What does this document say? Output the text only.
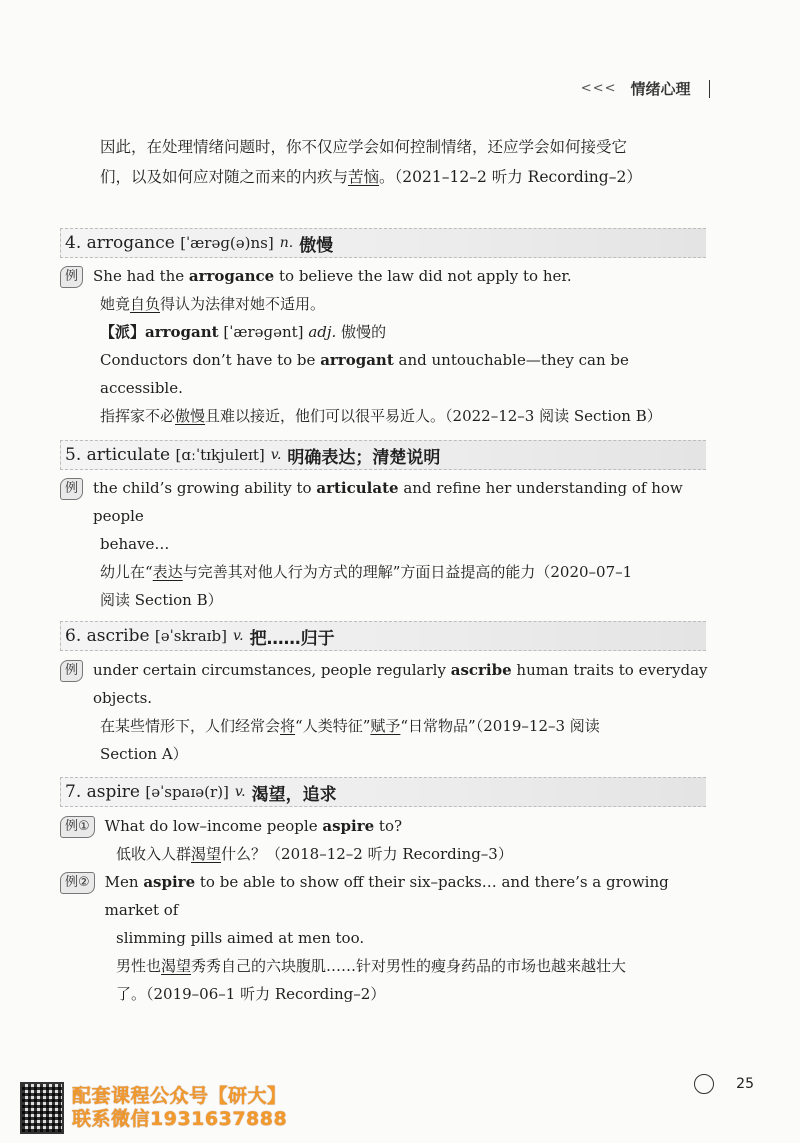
<<< 情绪心理
因此，在处理情绪问题时，你不仅应学会如何控制情绪，还应学会如何接受它
们，以及如何应对随之而来的内疚与苦恼。（2021–12–2 听力 Recording–2）
4. arrogance
[ˈærəɡ(ə)ns] n. 傲慢
例	She had the arrogance to believe the law did not apply to her.
她竟自负得认为法律对她不适用。
【派】arrogant [ˈærəɡənt] adj. 傲慢的
Conductors don’t have to be arrogant and untouchable—they can be accessible.
指挥家不必傲慢且难以接近，他们可以很平易近人。（2022–12–3 阅读 Section B）
5. articulate
[ɑːˈtɪkjuleɪt] v. 明确表达；清楚说明
例	the child’s growing ability to articulate and refine her understanding of how people
behave…
幼儿在“表达与完善其对他人行为方式的理解”方面日益提高的能力（2020–07–1
阅读 Section B）
6. ascribe
[əˈskraɪb] v. 把……归于
例	under certain circumstances, people regularly ascribe human traits to everyday objects.
在某些情形下，人们经常会将“人类特征”赋予“日常物品”（2019–12–3 阅读
Section A）
7. aspire
[əˈspaɪə(r)] v. 渴望，追求
例①	What do low–income people aspire to?
低收入人群渴望什么？（2018–12–2 听力 Recording–3）
例②	Men aspire to be able to show off their six–packs… and there’s a growing market of
slimming pills aimed at men too.
男性也渴望秀秀自己的六块腹肌……针对男性的瘦身药品的市场也越来越壮大
了。（2019–06–1 听力 Recording–2）
25
配套课程公众号【研大】
联系微信1931637888
